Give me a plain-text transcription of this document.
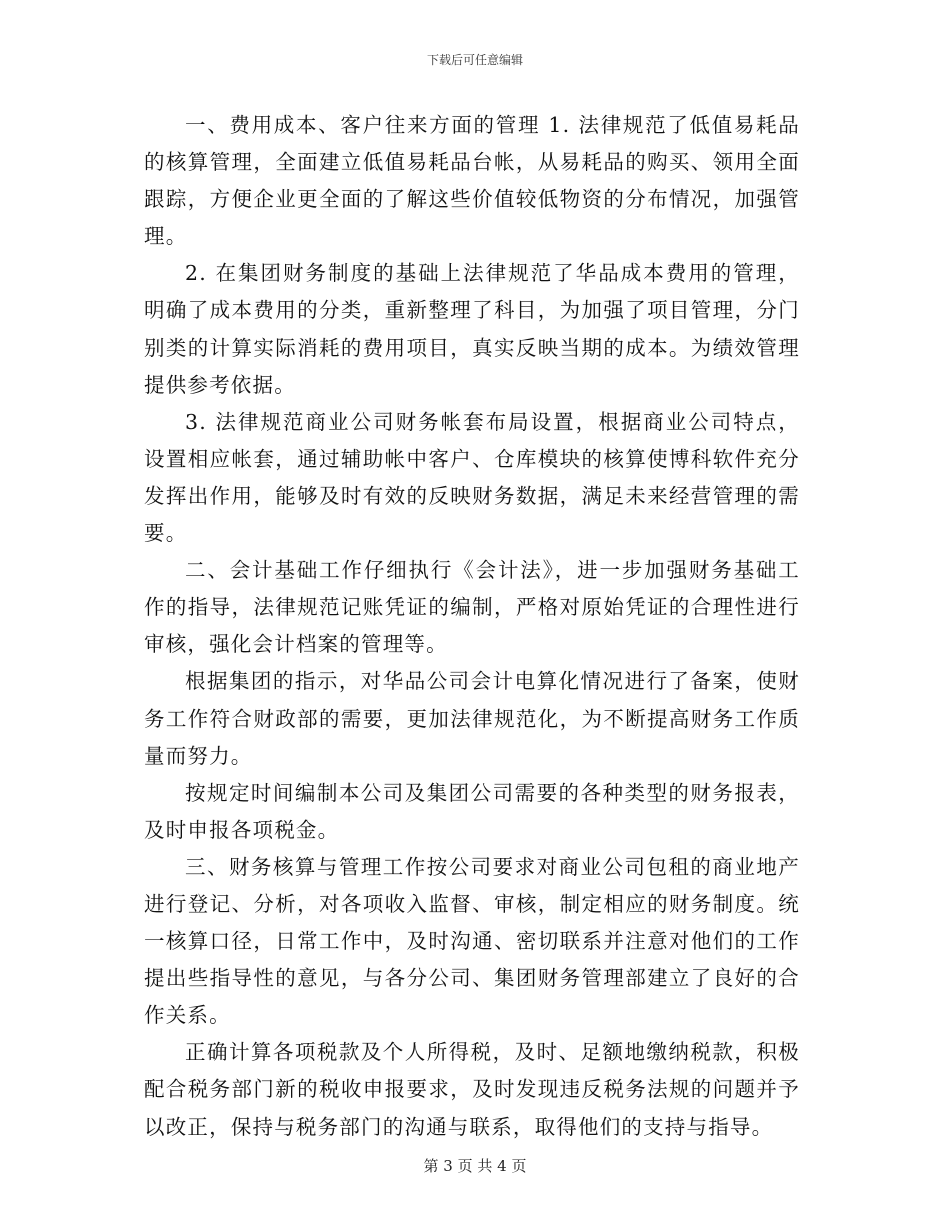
下载后可任意编辑

一、费用成本、客户往来方面的管理 1. 法律规范了低值易耗品的核算管理，全面建立低值易耗品台帐，从易耗品的购买、领用全面跟踪，方便企业更全面的了解这些价值较低物资的分布情况，加强管理。

2. 在集团财务制度的基础上法律规范了华品成本费用的管理，明确了成本费用的分类，重新整理了科目，为加强了项目管理，分门别类的计算实际消耗的费用项目，真实反映当期的成本。为绩效管理提供参考依据。

3. 法律规范商业公司财务帐套布局设置，根据商业公司特点，设置相应帐套，通过辅助帐中客户、仓库模块的核算使博科软件充分发挥出作用，能够及时有效的反映财务数据，满足未来经营管理的需要。

二、会计基础工作仔细执行《会计法》，进一步加强财务基础工作的指导，法律规范记账凭证的编制，严格对原始凭证的合理性进行审核，强化会计档案的管理等。

根据集团的指示，对华品公司会计电算化情况进行了备案，使财务工作符合财政部的需要，更加法律规范化，为不断提高财务工作质量而努力。

按规定时间编制本公司及集团公司需要的各种类型的财务报表，及时申报各项税金。

三、财务核算与管理工作按公司要求对商业公司包租的商业地产进行登记、分析，对各项收入监督、审核，制定相应的财务制度。统一核算口径，日常工作中，及时沟通、密切联系并注意对他们的工作提出些指导性的意见，与各分公司、集团财务管理部建立了良好的合作关系。

正确计算各项税款及个人所得税，及时、足额地缴纳税款，积极配合税务部门新的税收申报要求，及时发现违反税务法规的问题并予以改正，保持与税务部门的沟通与联系，取得他们的支持与指导。

第 3 页 共 4 页
